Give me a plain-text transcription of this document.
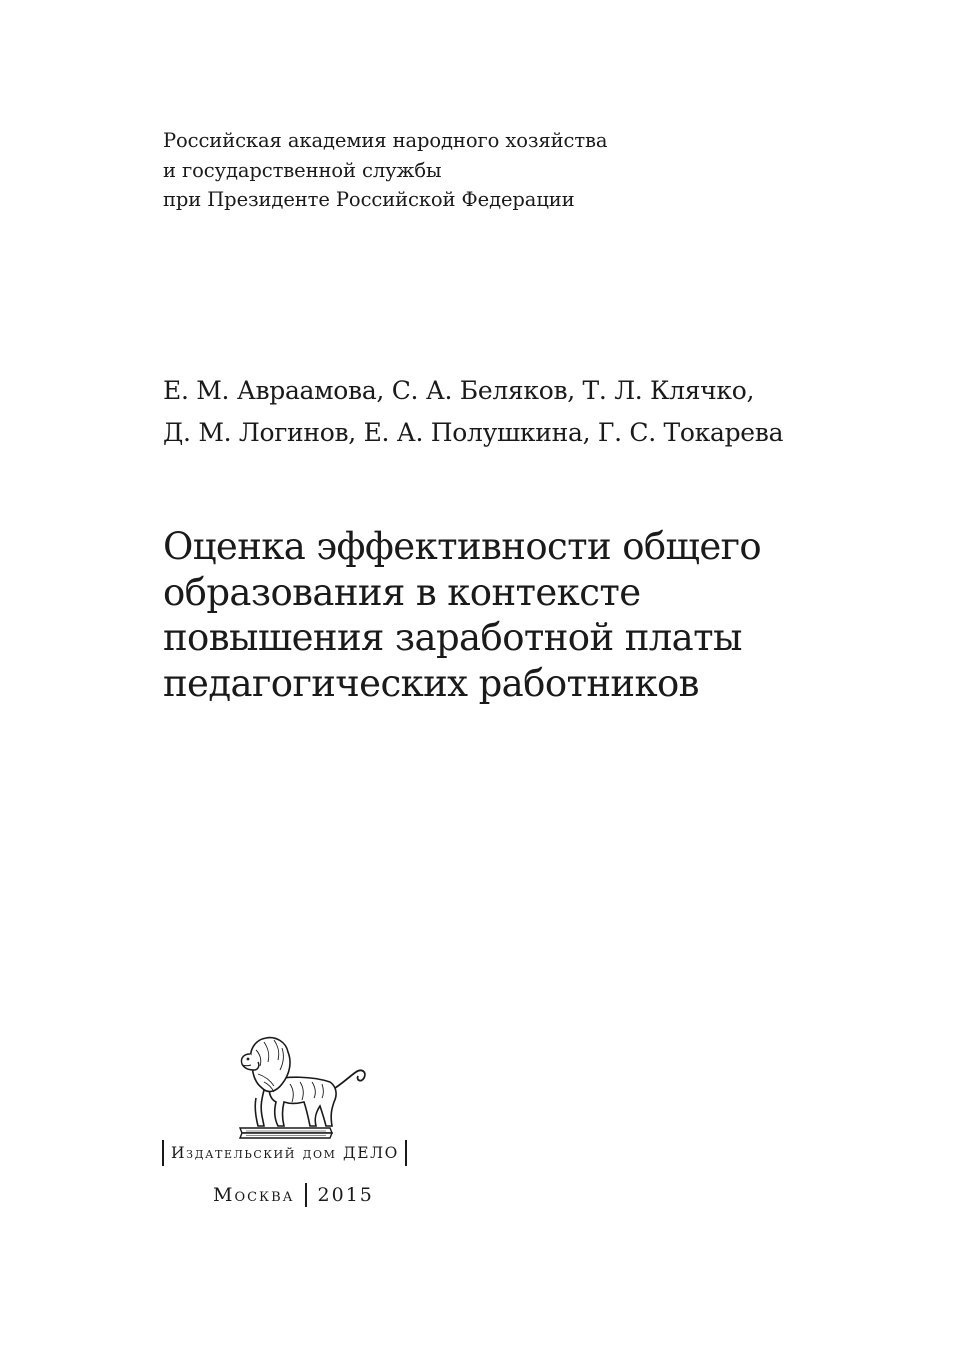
Российская академия народного хозяйства
и государственной службы
при Президенте Российской Федерации
Е. М. Авраамова, С. А. Беляков, Т. Л. Клячко,
Д. М. Логинов, Е. А. Полушкина, Г. С. Токарева
Оценка эффективности общего
образования в контексте
повышения заработной платы
педагогических работников
Издательский дом ДЕЛО
Москва 2015
